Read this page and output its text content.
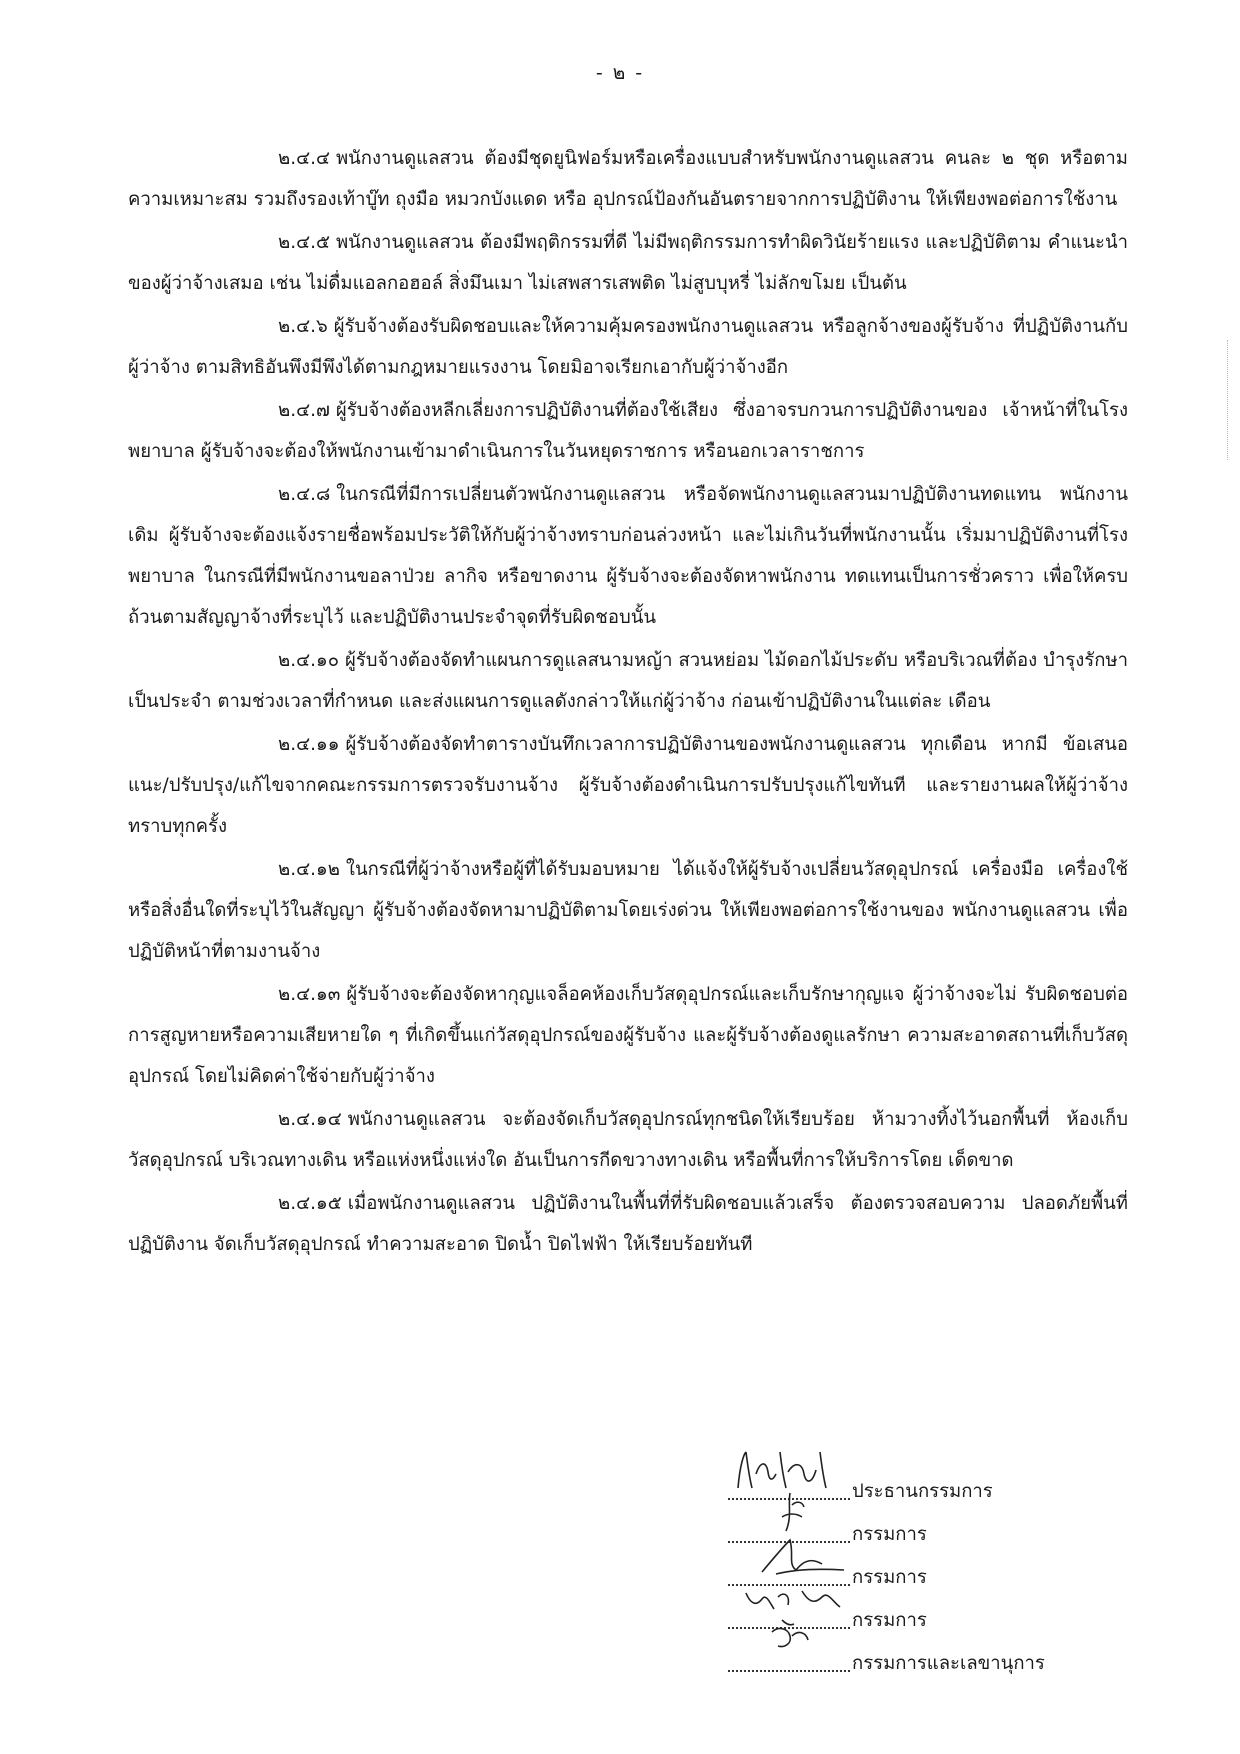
- ๒ -

๒.๔.๔ พนักงานดูแลสวน ต้องมีชุดยูนิฟอร์มหรือเครื่องแบบสำหรับพนักงานดูแลสวน คนละ ๒ ชุด หรือตามความเหมาะสม รวมถึงรองเท้าบู๊ท ถุงมือ หมวกบังแดด หรือ อุปกรณ์ป้องกันอันตรายจากการปฏิบัติงาน ให้เพียงพอต่อการใช้งาน

๒.๔.๕ พนักงานดูแลสวน ต้องมีพฤติกรรมที่ดี ไม่มีพฤติกรรมการทำผิดวินัยร้ายแรง และปฏิบัติตาม คำแนะนำของผู้ว่าจ้างเสมอ เช่น ไม่ดื่มแอลกอฮอล์ สิ่งมึนเมา ไม่เสพสารเสพติด ไม่สูบบุหรี่ ไม่ลักขโมย เป็นต้น

๒.๔.๖ ผู้รับจ้างต้องรับผิดชอบและให้ความคุ้มครองพนักงานดูแลสวน หรือลูกจ้างของผู้รับจ้าง ที่ปฏิบัติงานกับผู้ว่าจ้าง ตามสิทธิอันพึงมีพึงได้ตามกฎหมายแรงงาน โดยมิอาจเรียกเอากับผู้ว่าจ้างอีก

๒.๔.๗ ผู้รับจ้างต้องหลีกเลี่ยงการปฏิบัติงานที่ต้องใช้เสียง ซึ่งอาจรบกวนการปฏิบัติงานของ เจ้าหน้าที่ในโรงพยาบาล ผู้รับจ้างจะต้องให้พนักงานเข้ามาดำเนินการในวันหยุดราชการ หรือนอกเวลาราชการ

๒.๔.๘ ในกรณีที่มีการเปลี่ยนตัวพนักงานดูแลสวน หรือจัดพนักงานดูแลสวนมาปฏิบัติงานทดแทน พนักงานเดิม ผู้รับจ้างจะต้องแจ้งรายชื่อพร้อมประวัติให้กับผู้ว่าจ้างทราบก่อนล่วงหน้า และไม่เกินวันที่พนักงานนั้น เริ่มมาปฏิบัติงานที่โรงพยาบาล ในกรณีที่มีพนักงานขอลาป่วย ลากิจ หรือขาดงาน ผู้รับจ้างจะต้องจัดหาพนักงาน ทดแทนเป็นการชั่วคราว เพื่อให้ครบถ้วนตามสัญญาจ้างที่ระบุไว้ และปฏิบัติงานประจำจุดที่รับผิดชอบนั้น

๒.๔.๑๐ ผู้รับจ้างต้องจัดทำแผนการดูแลสนามหญ้า สวนหย่อม ไม้ดอกไม้ประดับ หรือบริเวณที่ต้อง บำรุงรักษาเป็นประจำ ตามช่วงเวลาที่กำหนด และส่งแผนการดูแลดังกล่าวให้แก่ผู้ว่าจ้าง ก่อนเข้าปฏิบัติงานในแต่ละ เดือน

๒.๔.๑๑ ผู้รับจ้างต้องจัดทำตารางบันทึกเวลาการปฏิบัติงานของพนักงานดูแลสวน ทุกเดือน หากมี ข้อเสนอแนะ/ปรับปรุง/แก้ไขจากคณะกรรมการตรวจรับงานจ้าง ผู้รับจ้างต้องดำเนินการปรับปรุงแก้ไขทันที และรายงานผลให้ผู้ว่าจ้างทราบทุกครั้ง

๒.๔.๑๒ ในกรณีที่ผู้ว่าจ้างหรือผู้ที่ได้รับมอบหมาย ได้แจ้งให้ผู้รับจ้างเปลี่ยนวัสดุอุปกรณ์ เครื่องมือ เครื่องใช้ หรือสิ่งอื่นใดที่ระบุไว้ในสัญญา ผู้รับจ้างต้องจัดหามาปฏิบัติตามโดยเร่งด่วน ให้เพียงพอต่อการใช้งานของ พนักงานดูแลสวน เพื่อปฏิบัติหน้าที่ตามงานจ้าง

๒.๔.๑๓ ผู้รับจ้างจะต้องจัดหากุญแจล็อคห้องเก็บวัสดุอุปกรณ์และเก็บรักษากุญแจ ผู้ว่าจ้างจะไม่ รับผิดชอบต่อการสูญหายหรือความเสียหายใด ๆ ที่เกิดขึ้นแก่วัสดุอุปกรณ์ของผู้รับจ้าง และผู้รับจ้างต้องดูแลรักษา ความสะอาดสถานที่เก็บวัสดุอุปกรณ์ โดยไม่คิดค่าใช้จ่ายกับผู้ว่าจ้าง

๒.๔.๑๔ พนักงานดูแลสวน จะต้องจัดเก็บวัสดุอุปกรณ์ทุกชนิดให้เรียบร้อย ห้ามวางทิ้งไว้นอกพื้นที่ ห้องเก็บวัสดุอุปกรณ์ บริเวณทางเดิน หรือแห่งหนึ่งแห่งใด อันเป็นการกีดขวางทางเดิน หรือพื้นที่การให้บริการโดย เด็ดขาด

๒.๔.๑๕ เมื่อพนักงานดูแลสวน ปฏิบัติงานในพื้นที่ที่รับผิดชอบแล้วเสร็จ ต้องตรวจสอบความ ปลอดภัยพื้นที่ปฏิบัติงาน จัดเก็บวัสดุอุปกรณ์ ทำความสะอาด ปิดน้ำ ปิดไฟฟ้า ให้เรียบร้อยทันที

ประธานกรรมการ
กรรมการ
กรรมการ
กรรมการ
กรรมการและเลขานุการ
